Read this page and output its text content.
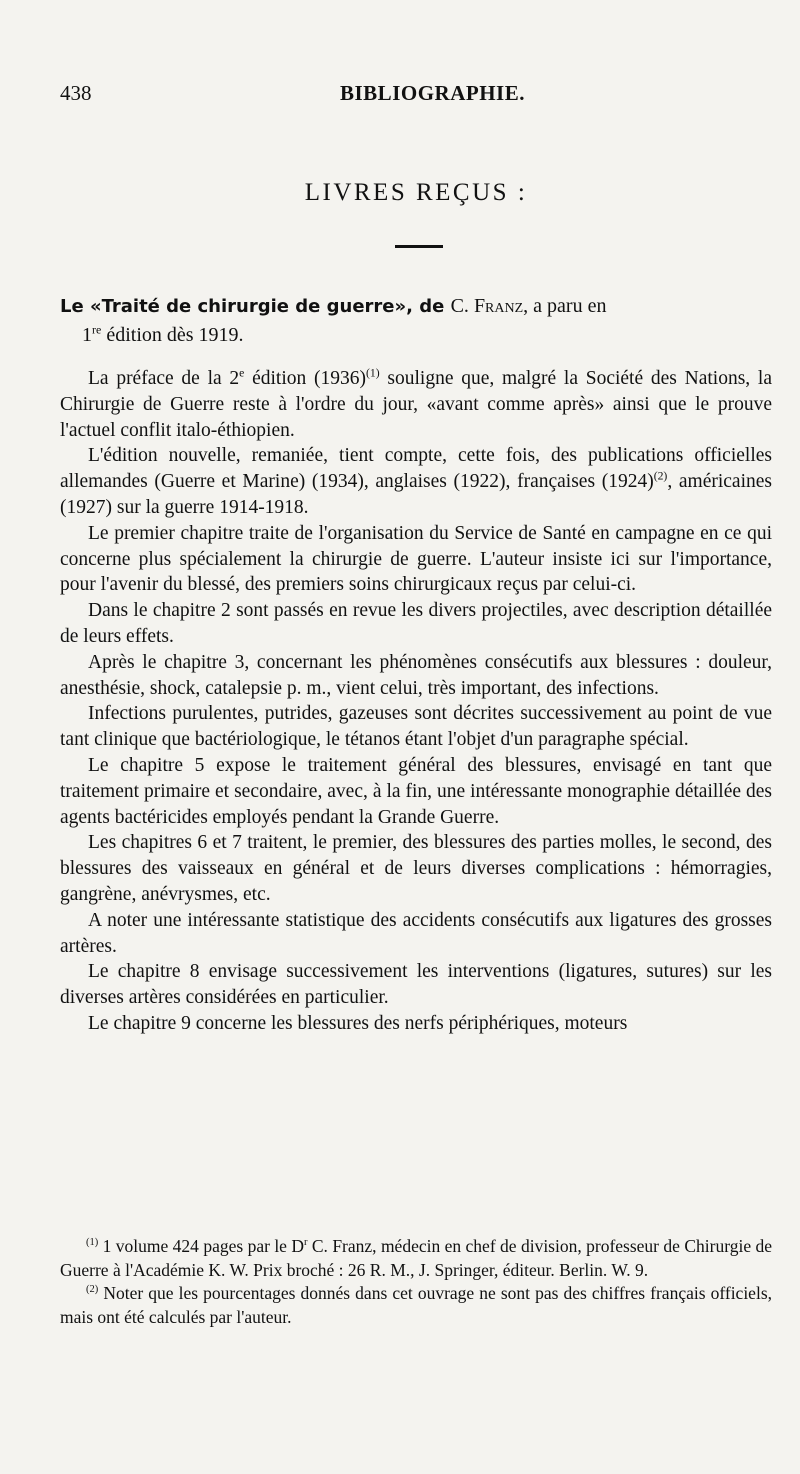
438	BIBLIOGRAPHIE.
LIVRES REÇUS :
Le «Traité de chirurgie de guerre», de C. Franz, a paru en
1re édition dès 1919.

La préface de la 2e édition (1936)$^{(1)}$ souligne que, malgré la Société des Nations, la Chirurgie de Guerre reste à l'ordre du jour, «avant comme après» ainsi que le prouve l'actuel conflit italo-éthiopien.

L'édition nouvelle, remaniée, tient compte, cette fois, des publications officielles allemandes (Guerre et Marine) (1934), anglaises (1922), françaises (1924)$^{(2)}$, américaines (1927) sur la guerre 1914-1918.

Le premier chapitre traite de l'organisation du Service de Santé en campagne en ce qui concerne plus spécialement la chirurgie de guerre. L'auteur insiste ici sur l'importance, pour l'avenir du blessé, des premiers soins chirurgicaux reçus par celui-ci.

Dans le chapitre 2 sont passés en revue les divers projectiles, avec description détaillée de leurs effets.

Après le chapitre 3, concernant les phénomènes consécutifs aux blessures : douleur, anesthésie, shock, catalepsie p. m., vient celui, très important, des infections.

Infections purulentes, putrides, gazeuses sont décrites successivement au point de vue tant clinique que bactériologique, le tétanos étant l'objet d'un paragraphe spécial.

Le chapitre 5 expose le traitement général des blessures, envisagé en tant que traitement primaire et secondaire, avec, à la fin, une intéressante monographie détaillée des agents bactéricides employés pendant la Grande Guerre.

Les chapitres 6 et 7 traitent, le premier, des blessures des parties molles, le second, des blessures des vaisseaux en général et de leurs diverses complications : hémorragies, gangrène, anévrysmes, etc.

A noter une intéressante statistique des accidents consécutifs aux ligatures des grosses artères.

Le chapitre 8 envisage successivement les interventions (ligatures, sutures) sur les diverses artères considérées en particulier.

Le chapitre 9 concerne les blessures des nerfs périphériques, moteurs

$^{(1)}$ 1 volume 424 pages par le $D^r$ C. Franz, médecin en chef de division, professeur de Chirurgie de Guerre à l'Académie K. W. Prix broché : 26 R. M., J. Springer, éditeur. Berlin. W. 9.

$^{(2)}$ Noter que les pourcentages donnés dans cet ouvrage ne sont pas des chiffres français officiels, mais ont été calculés par l'auteur.
